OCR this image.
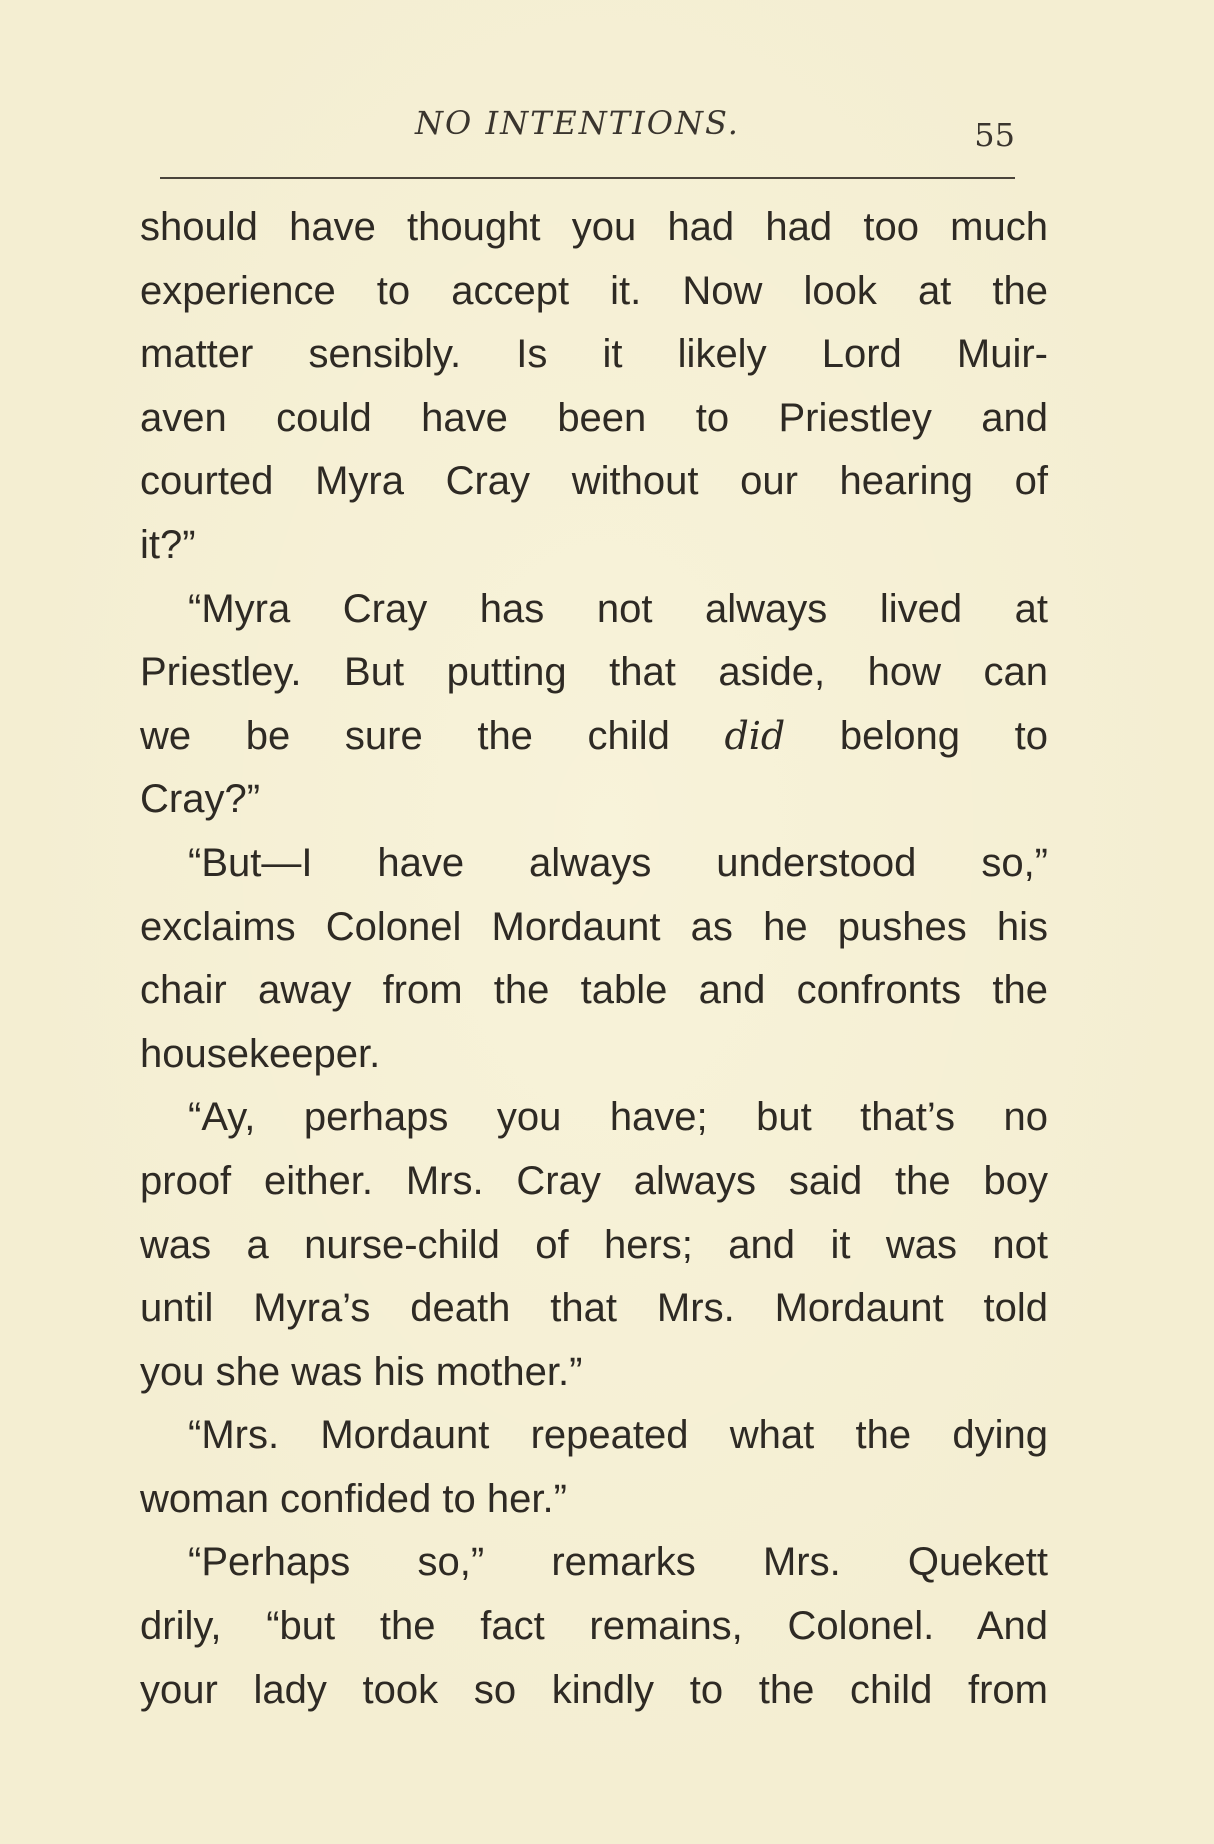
NO INTENTIONS.	55
should have thought you had had too much
experience to accept it. Now look at the
matter sensibly. Is it likely Lord Muir-
aven could have been to Priestley and
courted Myra Cray without our hearing of
it?”
“Myra Cray has not always lived at
Priestley. But putting that aside, how can
we be sure the child did belong to
Cray?”
“But—I have always understood so,”
exclaims Colonel Mordaunt as he pushes his
chair away from the table and confronts the
housekeeper.
“Ay, perhaps you have; but that’s no
proof either. Mrs. Cray always said the boy
was a nurse-child of hers; and it was not
until Myra’s death that Mrs. Mordaunt told
you she was his mother.”
“Mrs. Mordaunt repeated what the dying
woman confided to her.”
“Perhaps so,” remarks Mrs. Quekett
drily, “but the fact remains, Colonel. And
your lady took so kindly to the child from
